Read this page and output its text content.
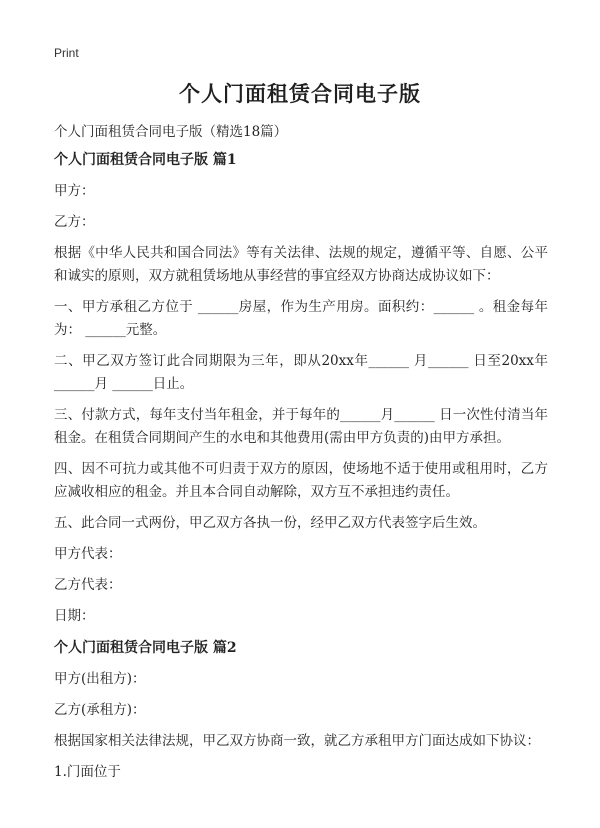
Print
个人门面租赁合同电子版
个人门面租赁合同电子版（精选18篇）
个人门面租赁合同电子版 篇1
甲方：
乙方：
根据《中华人民共和国合同法》等有关法律、法规的规定，遵循平等、自愿、公平和诚实的原则，双方就租赁场地从事经营的事宜经双方协商达成协议如下：
一、甲方承租乙方位于 ______房屋，作为生产用房。面积约：______ 。租金每年为： ______元整。
二、甲乙双方签订此合同期限为三年，即从20xx年______ 月______ 日至20xx年______月 ______日止。
三、付款方式，每年支付当年租金，并于每年的______月______ 日一次性付清当年租金。在租赁合同期间产生的水电和其他费用(需由甲方负责的)由甲方承担。
四、因不可抗力或其他不可归责于双方的原因，使场地不适于使用或租用时，乙方应减收相应的租金。并且本合同自动解除，双方互不承担违约责任。
五、此合同一式两份，甲乙双方各执一份，经甲乙双方代表签字后生效。
甲方代表：
乙方代表：
日期：
个人门面租赁合同电子版 篇2
甲方(出租方)：
乙方(承租方)：
根据国家相关法律法规，甲乙双方协商一致，就乙方承租甲方门面达成如下协议：
1.门面位于
